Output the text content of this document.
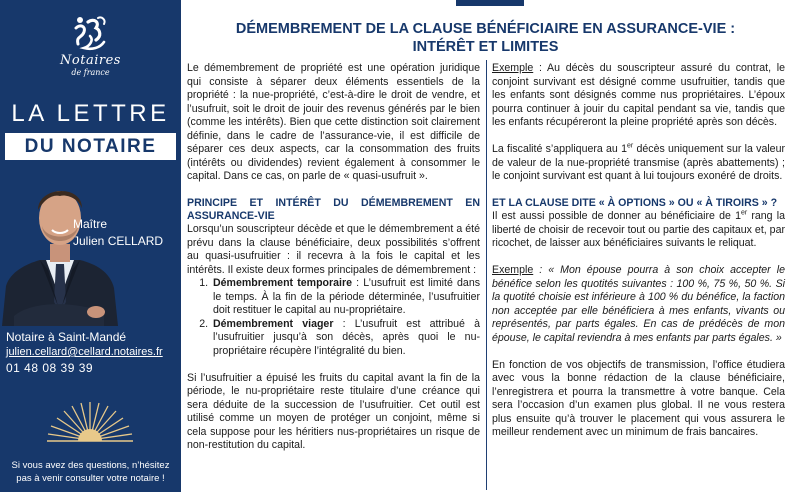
Notaires
de france
LA LETTRE
DU NOTAIRE
Maître
Julien CELLARD
Notaire à Saint-Mandé
julien.cellard@cellard.notaires.fr
01 48 08 39 39
Si vous avez des questions, n’hésitez pas à venir consulter votre notaire !
DÉMEMBREMENT DE LA CLAUSE BÉNÉFICIAIRE EN ASSURANCE-VIE :
INTÉRÊT ET LIMITES

Le démembrement de propriété est une opération juridique qui consiste à séparer deux éléments essentiels de la propriété : la nue-propriété, c’est-à-dire le droit de vendre, et l’usufruit, soit le droit de jouir des revenus générés par le bien (comme les intérêts). Bien que cette distinction soit clairement définie, dans le cadre de l’assurance-vie, il est difficile de séparer ces deux aspects, car la consommation des fruits (intérêts ou dividendes) revient également à consommer le capital. Dans ce cas, on parle de « quasi-usufruit ».

PRINCIPE ET INTÉRÊT DU DÉMEMBREMENT EN ASSURANCE-VIE

Lorsqu’un souscripteur décède et que le démembrement a été prévu dans la clause bénéficiaire, deux possibilités s’offrent au quasi-usufruitier : il recevra à la fois le capital et les intérêts. Il existe deux formes principales de démembrement :

1. Démembrement temporaire : L’usufruit est limité dans le temps. À la fin de la période déterminée, l’usufruitier doit restituer le capital au nu-propriétaire.
2. Démembrement viager : L’usufruit est attribué à l’usufruitier jusqu’à son décès, après quoi le nu-propriétaire récupère l’intégralité du bien.

Si l’usufruitier a épuisé les fruits du capital avant la fin de la période, le nu-propriétaire reste titulaire d’une créance qui sera déduite de la succession de l’usufruitier. Cet outil est utilisé comme un moyen de protéger un conjoint, même si cela suppose pour les héritiers nus-propriétaires un risque de non-restitution du capital.

Exemple : Au décès du souscripteur assuré du contrat, le conjoint survivant est désigné comme usufruitier, tandis que les enfants sont désignés comme nus propriétaires. L’époux pourra continuer à jouir du capital pendant sa vie, tandis que les enfants récupéreront la pleine propriété après son décès.

La fiscalité s’appliquera au 1er décès uniquement sur la valeur de valeur de la nue-propriété transmise (après abattements) ; le conjoint survivant est quant à lui toujours exonéré de droits.

ET LA CLAUSE DITE « À OPTIONS » OU « À TIROIRS » ?

Il est aussi possible de donner au bénéficiaire de 1er rang la liberté de choisir de recevoir tout ou partie des capitaux et, par ricochet, de laisser aux bénéficiaires suivants le reliquat.

Exemple : « Mon épouse pourra à son choix accepter le bénéfice selon les quotités suivantes : 100 %, 75 %, 50 %. Si la quotité choisie est inférieure à 100 % du bénéfice, la faction non acceptée par elle bénéficiera à mes enfants, vivants ou représentés, par parts égales. En cas de prédécès de mon épouse, le capital reviendra à mes enfants par parts égales. »

En fonction de vos objectifs de transmission, l’office étudiera avec vous la bonne rédaction de la clause bénéficiaire, l’enregistrera et pourra la transmettre à votre banque. Cela sera l’occasion d’un examen plus global. Il ne vous restera plus ensuite qu’à trouver le placement qui vous assurera le meilleur rendement avec un minimum de frais bancaires.
